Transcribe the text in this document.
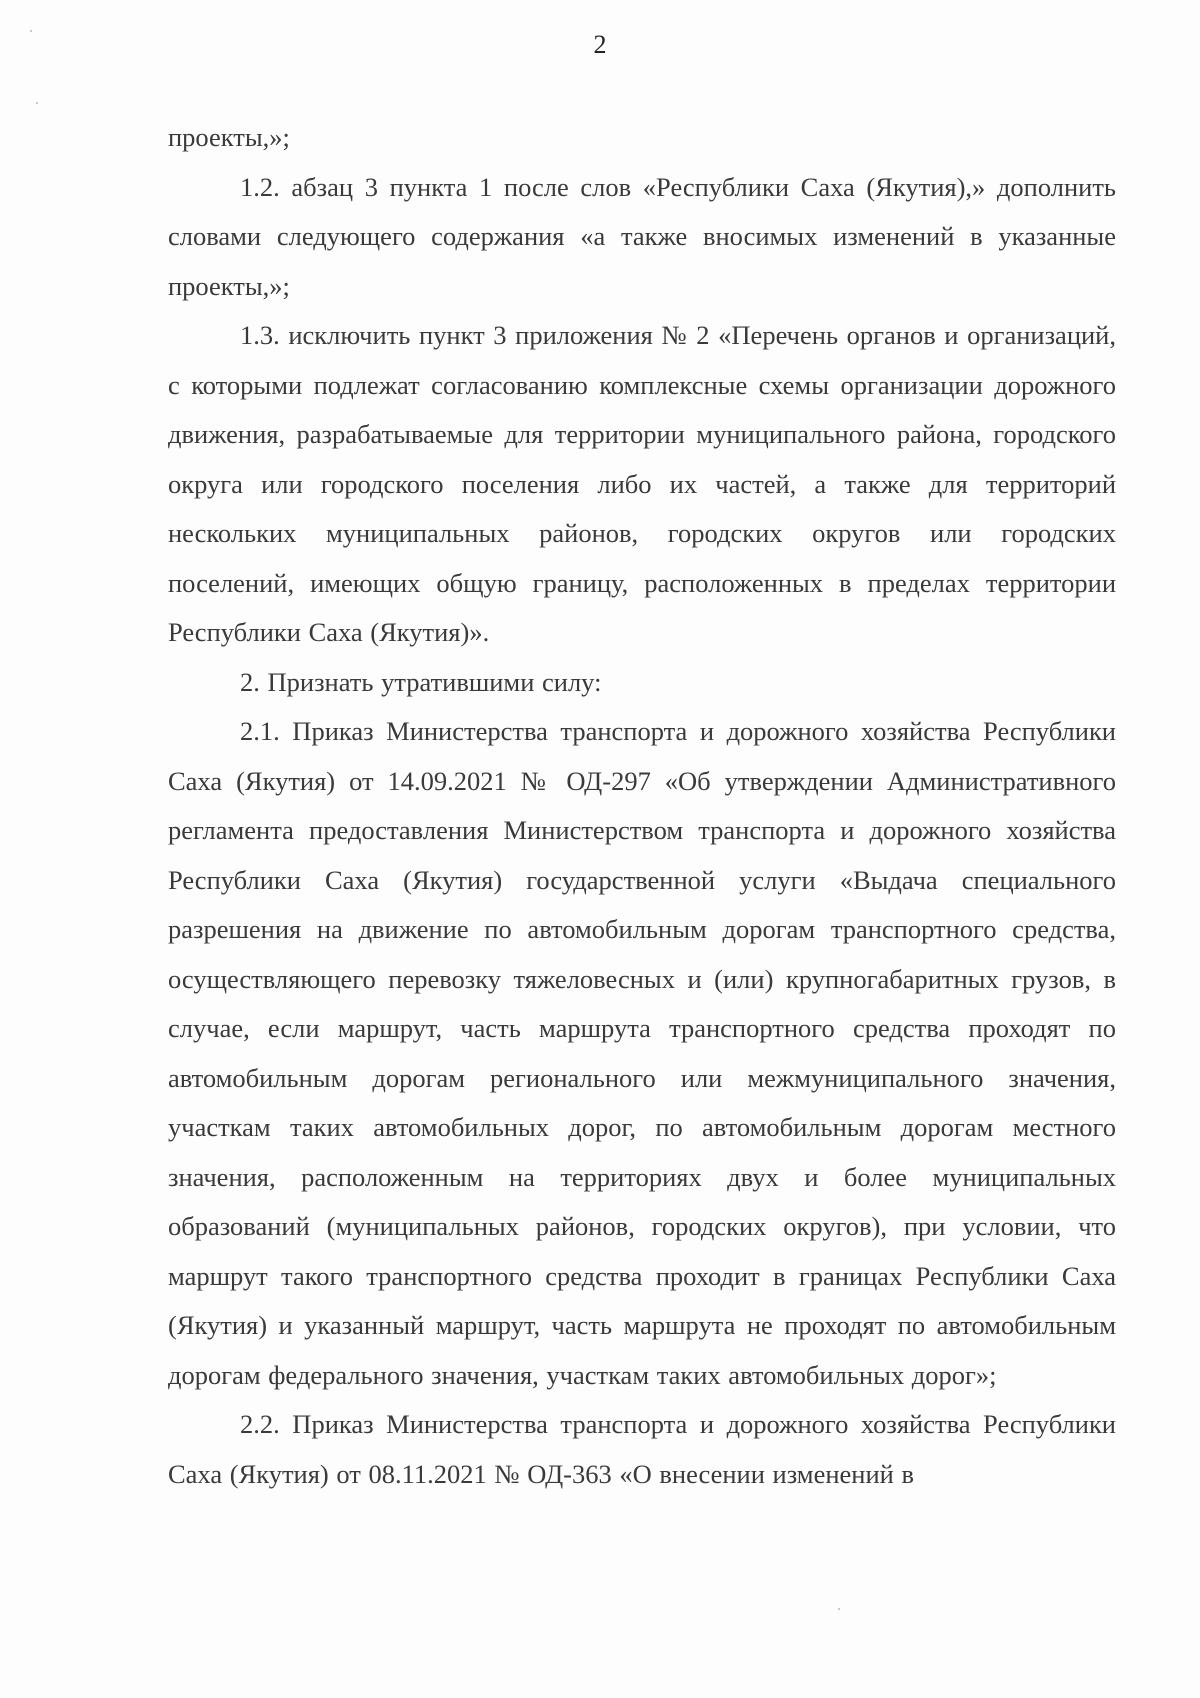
2

проекты,»;

1.2. абзац 3 пункта 1 после слов «Республики Саха (Якутия),» дополнить словами следующего содержания «а также вносимых изменений в указанные проекты,»;

1.3. исключить пункт 3 приложения № 2 «Перечень органов и организаций, с которыми подлежат согласованию комплексные схемы организации дорожного движения, разрабатываемые для территории муниципального района, городского округа или городского поселения либо их частей, а также для территорий нескольких муниципальных районов, городских округов или городских поселений, имеющих общую границу, расположенных в пределах территории Республики Саха (Якутия)».

2. Признать утратившими силу:

2.1. Приказ Министерства транспорта и дорожного хозяйства Республики Саха (Якутия) от 14.09.2021 № ОД-297 «Об утверждении Административного регламента предоставления Министерством транспорта и дорожного хозяйства Республики Саха (Якутия) государственной услуги «Выдача специального разрешения на движение по автомобильным дорогам транспортного средства, осуществляющего перевозку тяжеловесных и (или) крупногабаритных грузов, в случае, если маршрут, часть маршрута транспортного средства проходят по автомобильным дорогам регионального или межмуниципального значения, участкам таких автомобильных дорог, по автомобильным дорогам местного значения, расположенным на территориях двух и более муниципальных образований (муниципальных районов, городских округов), при условии, что маршрут такого транспортного средства проходит в границах Республики Саха (Якутия) и указанный маршрут, часть маршрута не проходят по автомобильным дорогам федерального значения, участкам таких автомобильных дорог»;

2.2. Приказ Министерства транспорта и дорожного хозяйства Республики Саха (Якутия) от 08.11.2021 № ОД-363 «О внесении изменений в
